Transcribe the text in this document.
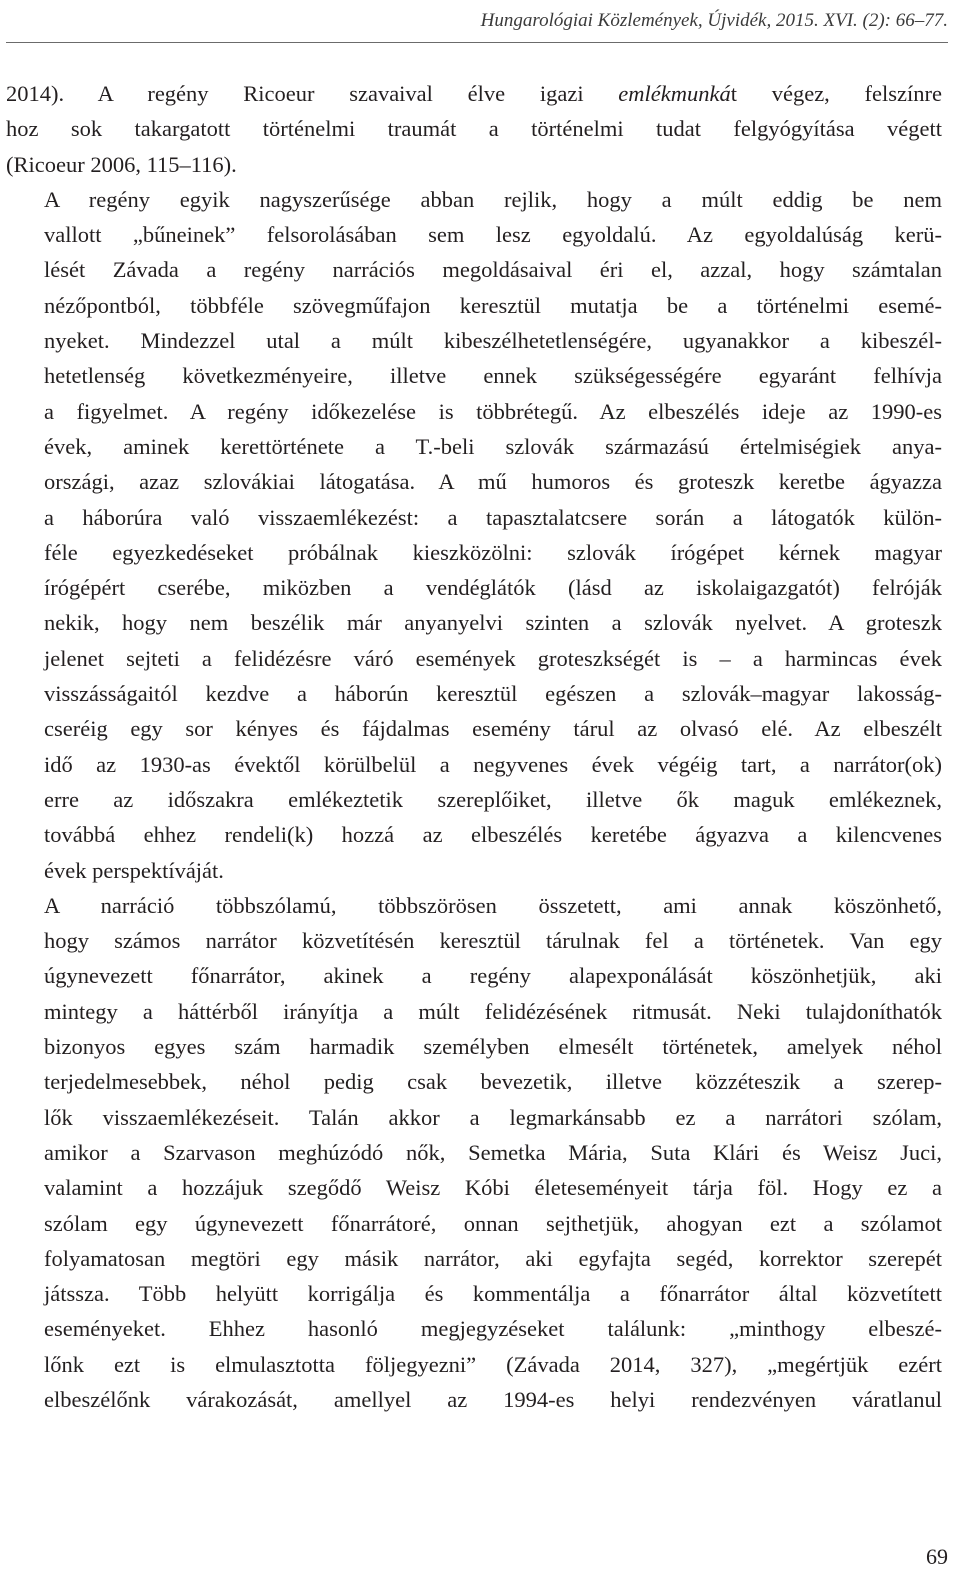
Hungarológiai Közlemények, Újvidék, 2015. XVI. (2): 66–77.

2014). A regény Ricoeur szavaival élve igazi emlékmunkát végez, felszínre
hoz sok takargatott történelmi traumát a történelmi tudat felgyógyítása végett
(Ricoeur 2006, 115–116).

A regény egyik nagyszerűsége abban rejlik, hogy a múlt eddig be nem
vallott „bűneinek” felsorolásában sem lesz egyoldalú. Az egyoldalúság kerü-
lését Závada a regény narrációs megoldásaival éri el, azzal, hogy számtalan
nézőpontból, többféle szövegműfajon keresztül mutatja be a történelmi esemé-
nyeket. Mindezzel utal a múlt kibeszélhetetlenségére, ugyanakkor a kibeszél-
hetetlenség következményeire, illetve ennek szükségességére egyaránt felhívja
a figyelmet. A regény időkezelése is többrétegű. Az elbeszélés ideje az 1990-es
évek, aminek kerettörténete a T.-beli szlovák származású értelmiségiek anya-
országi, azaz szlovákiai látogatása. A mű humoros és groteszk keretbe ágyazza
a háborúra való visszaemlékezést: a tapasztalatcsere során a látogatók külön-
féle egyezkedéseket próbálnak kieszközölni: szlovák írógépet kérnek magyar
írógépért cserébe, miközben a vendéglátók (lásd az iskolaigazgatót) felróják
nekik, hogy nem beszélik már anyanyelvi szinten a szlovák nyelvet. A groteszk
jelenet sejteti a felidézésre váró események groteszkségét is – a harmincas évek
visszásságaitól kezdve a háborún keresztül egészen a szlovák–magyar lakosság-
cseréig egy sor kényes és fájdalmas esemény tárul az olvasó elé. Az elbeszélt
idő az 1930-as évektől körülbelül a negyvenes évek végéig tart, a narrátor(ok)
erre az időszakra emlékeztetik szereplőiket, illetve ők maguk emlékeznek,
továbbá ehhez rendeli(k) hozzá az elbeszélés keretébe ágyazva a kilencvenes
évek perspektíváját.

A narráció többszólamú, többszörösen összetett, ami annak köszönhető,
hogy számos narrátor közvetítésén keresztül tárulnak fel a történetek. Van egy
úgynevezett főnarrátor, akinek a regény alapexponálását köszönhetjük, aki
mintegy a háttérből irányítja a múlt felidézésének ritmusát. Neki tulajdoníthatók
bizonyos egyes szám harmadik személyben elmesélt történetek, amelyek néhol
terjedelmesebbek, néhol pedig csak bevezetik, illetve közzéteszik a szerep-
lők visszaemlékezéseit. Talán akkor a legmarkánsabb ez a narrátori szólam,
amikor a Szarvason meghúzódó nők, Semetka Mária, Suta Klári és Weisz Juci,
valamint a hozzájuk szegődő Weisz Kóbi életeseményeit tárja föl. Hogy ez a
szólam egy úgynevezett főnarrátoré, onnan sejthetjük, ahogyan ezt a szólamot
folyamatosan megtöri egy másik narrátor, aki egyfajta segéd, korrektor szerepét
játssza. Több helyütt korrigálja és kommentálja a főnarrátor által közvetített
eseményeket. Ehhez hasonló megjegyzéseket találunk: „minthogy elbeszé-
lőnk ezt is elmulasztotta följegyezni” (Závada 2014, 327), „megértjük ezért
elbeszélőnk várakozását, amellyel az 1994-es helyi rendezvényen váratlanul

69
